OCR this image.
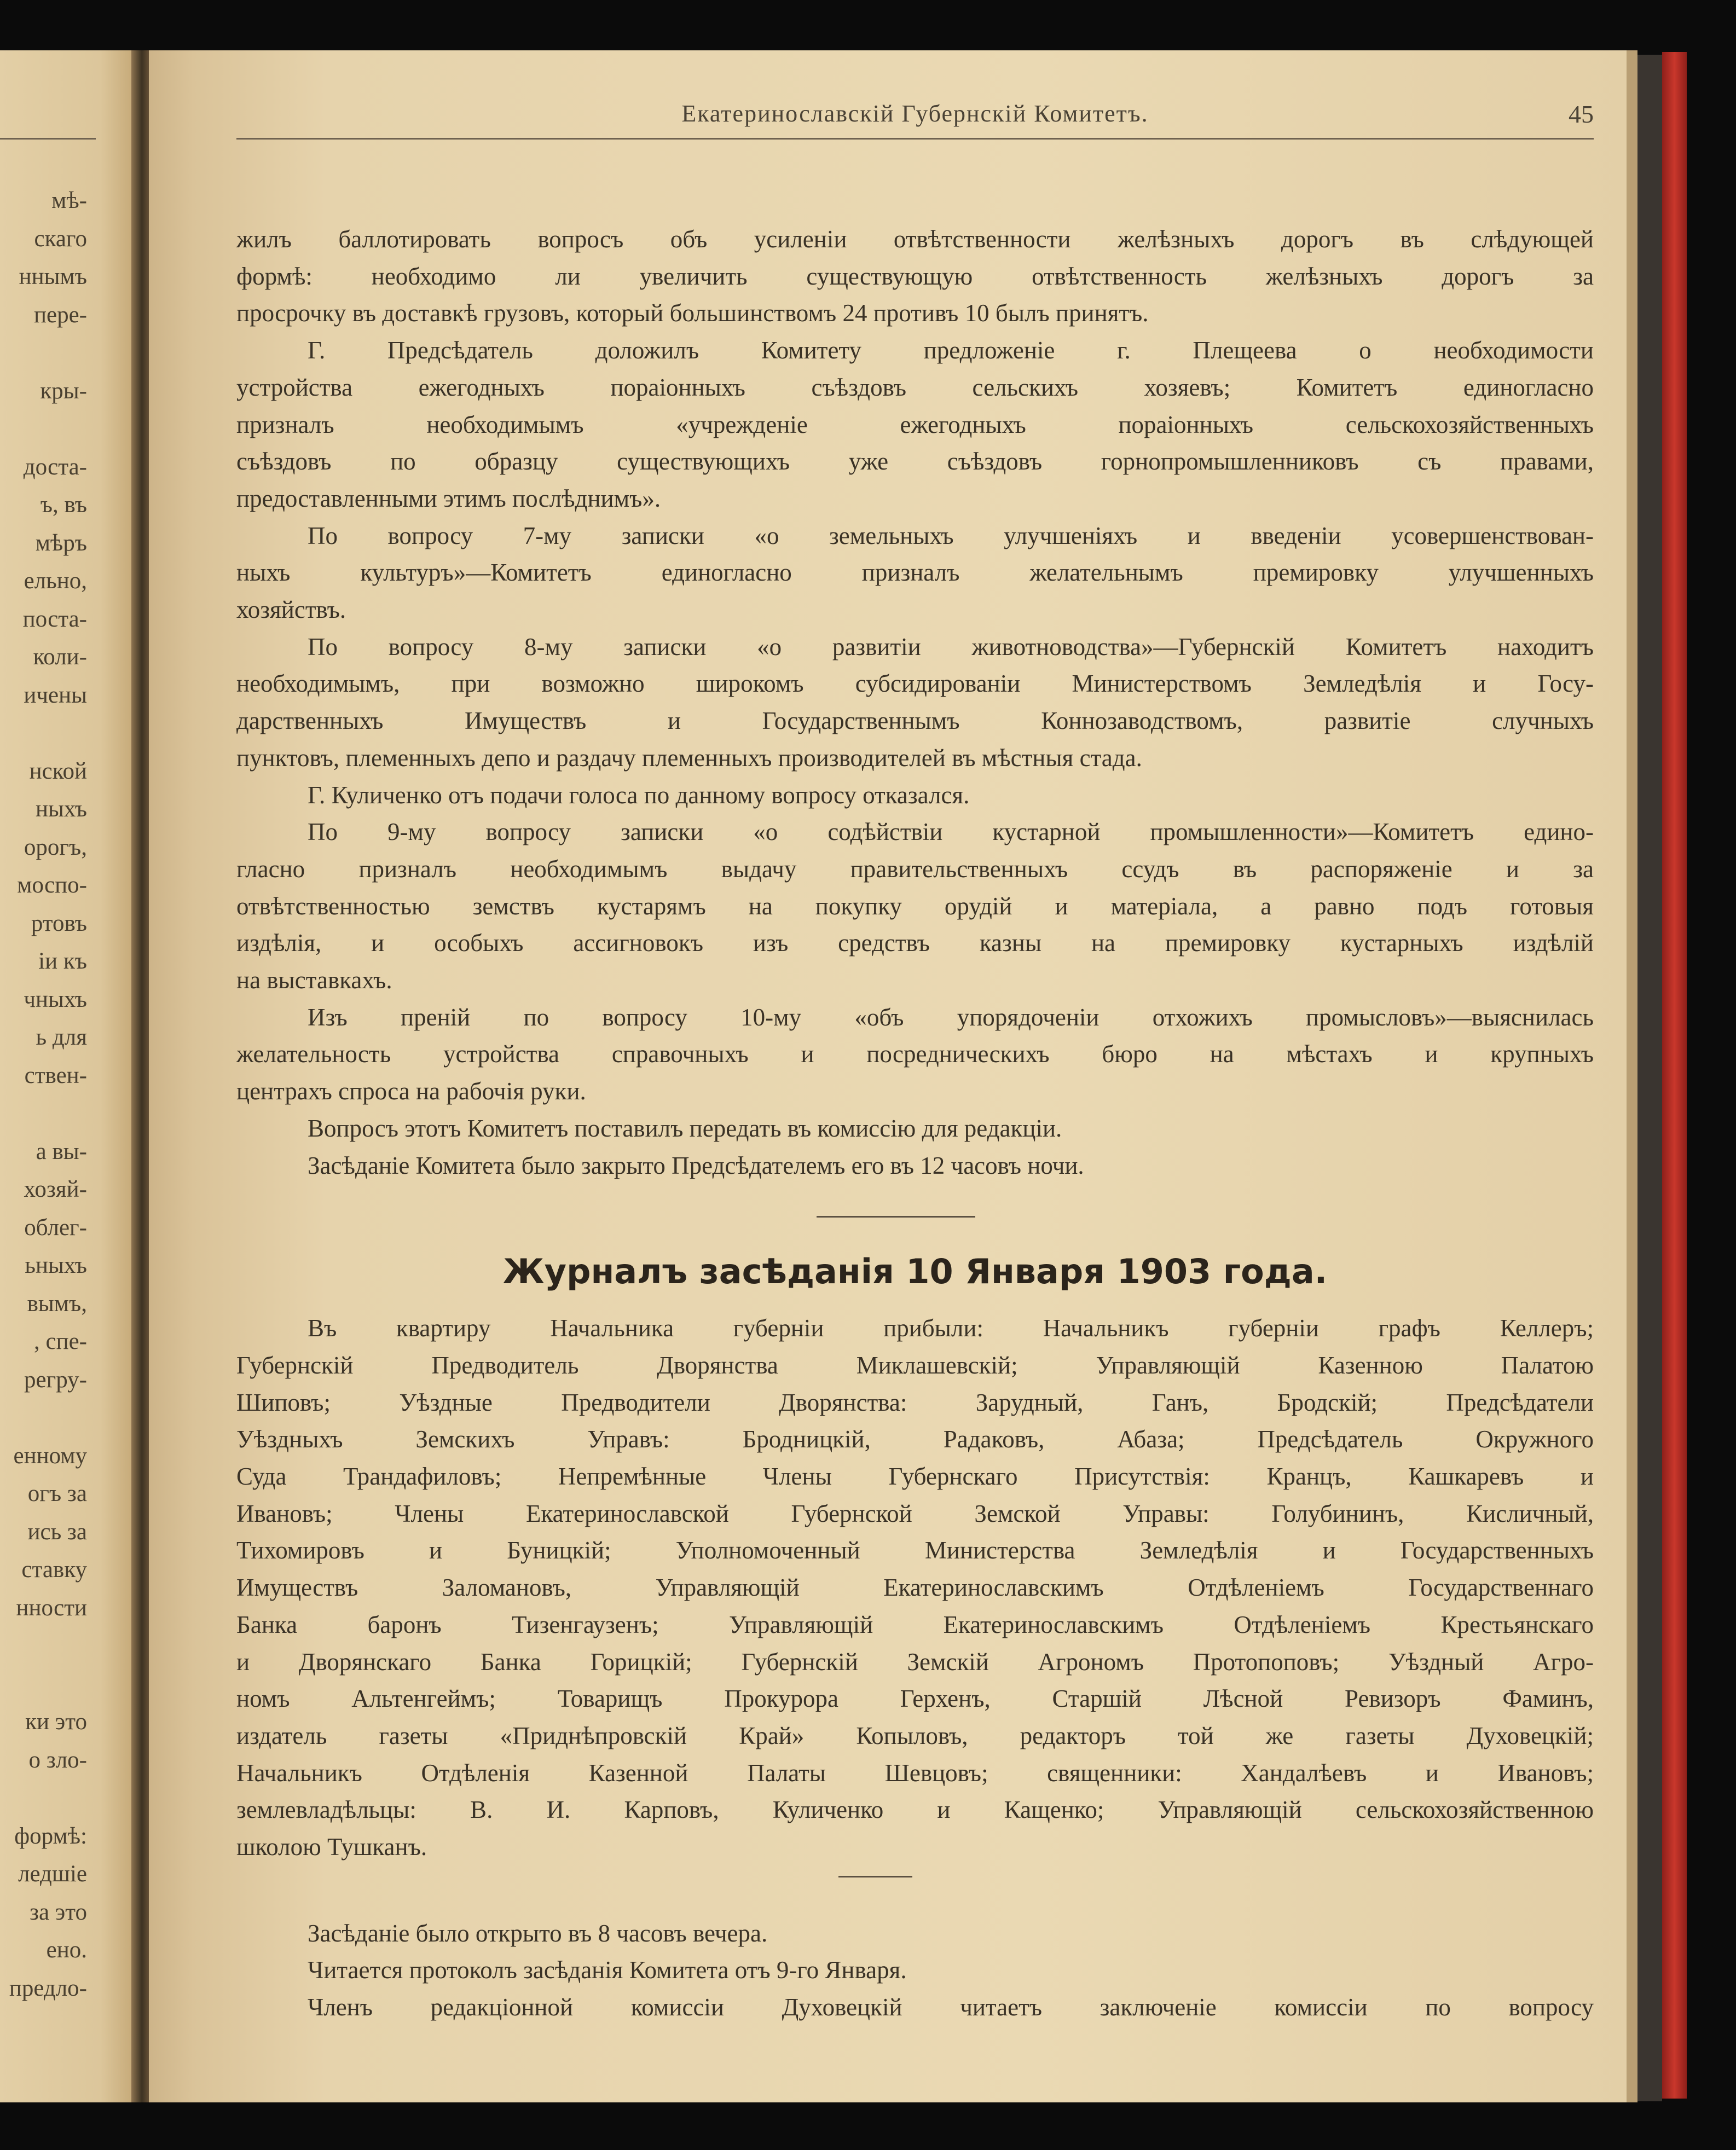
мѣ-
скаго
ннымъ
пере-
кры-
доста-
ъ, въ
мѣръ
ельно,
поста-
коли-
ичены
нской
ныхъ
орогъ,
моспо-
ртовъ
іи къ
чныхъ
ь для
ствен-
а вы-
хозяй-
облег-
ьныхъ
вымъ,
, спе-
регру-
енному
огъ за
ись за
ставку
нности
ки это
о зло-
формѣ:
ледшіе
за это
ено.
предло-
Екатеринославскій Губернскій Комитетъ.	45
жилъ баллотировать вопросъ объ усиленіи отвѣтственности желѣзныхъ дорогъ въ слѣдующей
формѣ: необходимо ли увеличить существующую отвѣтственность желѣзныхъ дорогъ за
просрочку въ доставкѣ грузовъ, который большинствомъ 24 противъ 10 былъ принятъ.
Г. Предсѣдатель доложилъ Комитету предложеніе г. Плещеева о необходимости
устройства ежегодныхъ пораіонныхъ съѣздовъ сельскихъ хозяевъ; Комитетъ единогласно
призналъ необходимымъ «учрежденіе ежегодныхъ пораіонныхъ сельскохозяйственныхъ
съѣздовъ по образцу существующихъ уже съѣздовъ горнопромышленниковъ съ правами,
предоставленными этимъ послѣднимъ».
По вопросу 7-му записки «о земельныхъ улучшеніяхъ и введеніи усовершенствован-
ныхъ культуръ»—Комитетъ единогласно призналъ желательнымъ премировку улучшенныхъ
хозяйствъ.
По вопросу 8-му записки «о развитіи животноводства»—Губернскій Комитетъ находитъ
необходимымъ, при возможно широкомъ субсидированіи Министерствомъ Земледѣлія и Госу-
дарственныхъ Имуществъ и Государственнымъ Коннозаводствомъ, развитіе случныхъ
пунктовъ, племенныхъ депо и раздачу племенныхъ производителей въ мѣстныя стада.
Г. Куличенко отъ подачи голоса по данному вопросу отказался.
По 9-му вопросу записки «о содѣйствіи кустарной промышленности»—Комитетъ едино-
гласно призналъ необходимымъ выдачу правительственныхъ ссудъ въ распоряженіе и за
отвѣтственностью земствъ кустарямъ на покупку орудій и матеріала, а равно подъ готовыя
издѣлія, и особыхъ ассигновокъ изъ средствъ казны на премировку кустарныхъ издѣлій
на выставкахъ.
Изъ преній по вопросу 10-му «объ упорядоченіи отхожихъ промысловъ»—выяснилась
желательность устройства справочныхъ и посредническихъ бюро на мѣстахъ и крупныхъ
центрахъ спроса на рабочія руки.
Вопросъ этотъ Комитетъ поставилъ передать въ комиссію для редакціи.
Засѣданіе Комитета было закрыто Предсѣдателемъ его въ 12 часовъ ночи.
Журналъ засѣданія 10 Января 1903 года.
Въ квартиру Начальника губерніи прибыли: Начальникъ губерніи графъ Келлеръ;
Губернскій Предводитель Дворянства Миклашевскій; Управляющій Казенною Палатою
Шиповъ; Уѣздные Предводители Дворянства: Зарудный, Ганъ, Бродскій; Предсѣдатели
Уѣздныхъ Земскихъ Управъ: Бродницкій, Радаковъ, Абаза; Предсѣдатель Окружного
Суда Трандафиловъ; Непремѣнные Члены Губернскаго Присутствія: Кранцъ, Кашкаревъ и
Ивановъ; Члены Екатеринославской Губернской Земской Управы: Голубининъ, Кисличный,
Тихомировъ и Буницкій; Уполномоченный Министерства Земледѣлія и Государственныхъ
Имуществъ Заломановъ, Управляющій Екатеринославскимъ Отдѣленіемъ Государственнаго
Банка баронъ Тизенгаузенъ; Управляющій Екатеринославскимъ Отдѣленіемъ Крестьянскаго
и Дворянскаго Банка Горицкій; Губернскій Земскій Агрономъ Протопоповъ; Уѣздный Агро-
номъ Альтенгеймъ; Товарищъ Прокурора Герхенъ, Старшій Лѣсной Ревизоръ Фаминъ,
издатель газеты «Приднѣпровскій Край» Копыловъ, редакторъ той же газеты Духовецкій;
Начальникъ Отдѣленія Казенной Палаты Шевцовъ; священники: Хандалѣевъ и Ивановъ;
землевладѣльцы: В. И. Карповъ, Куличенко и Кащенко; Управляющій сельскохозяйственною
школою Тушканъ.
Засѣданіе было открыто въ 8 часовъ вечера.
Читается протоколъ засѣданія Комитета отъ 9-го Января.
Членъ редакціонной комиссіи Духовецкій читаетъ заключеніе комиссіи по вопросу
